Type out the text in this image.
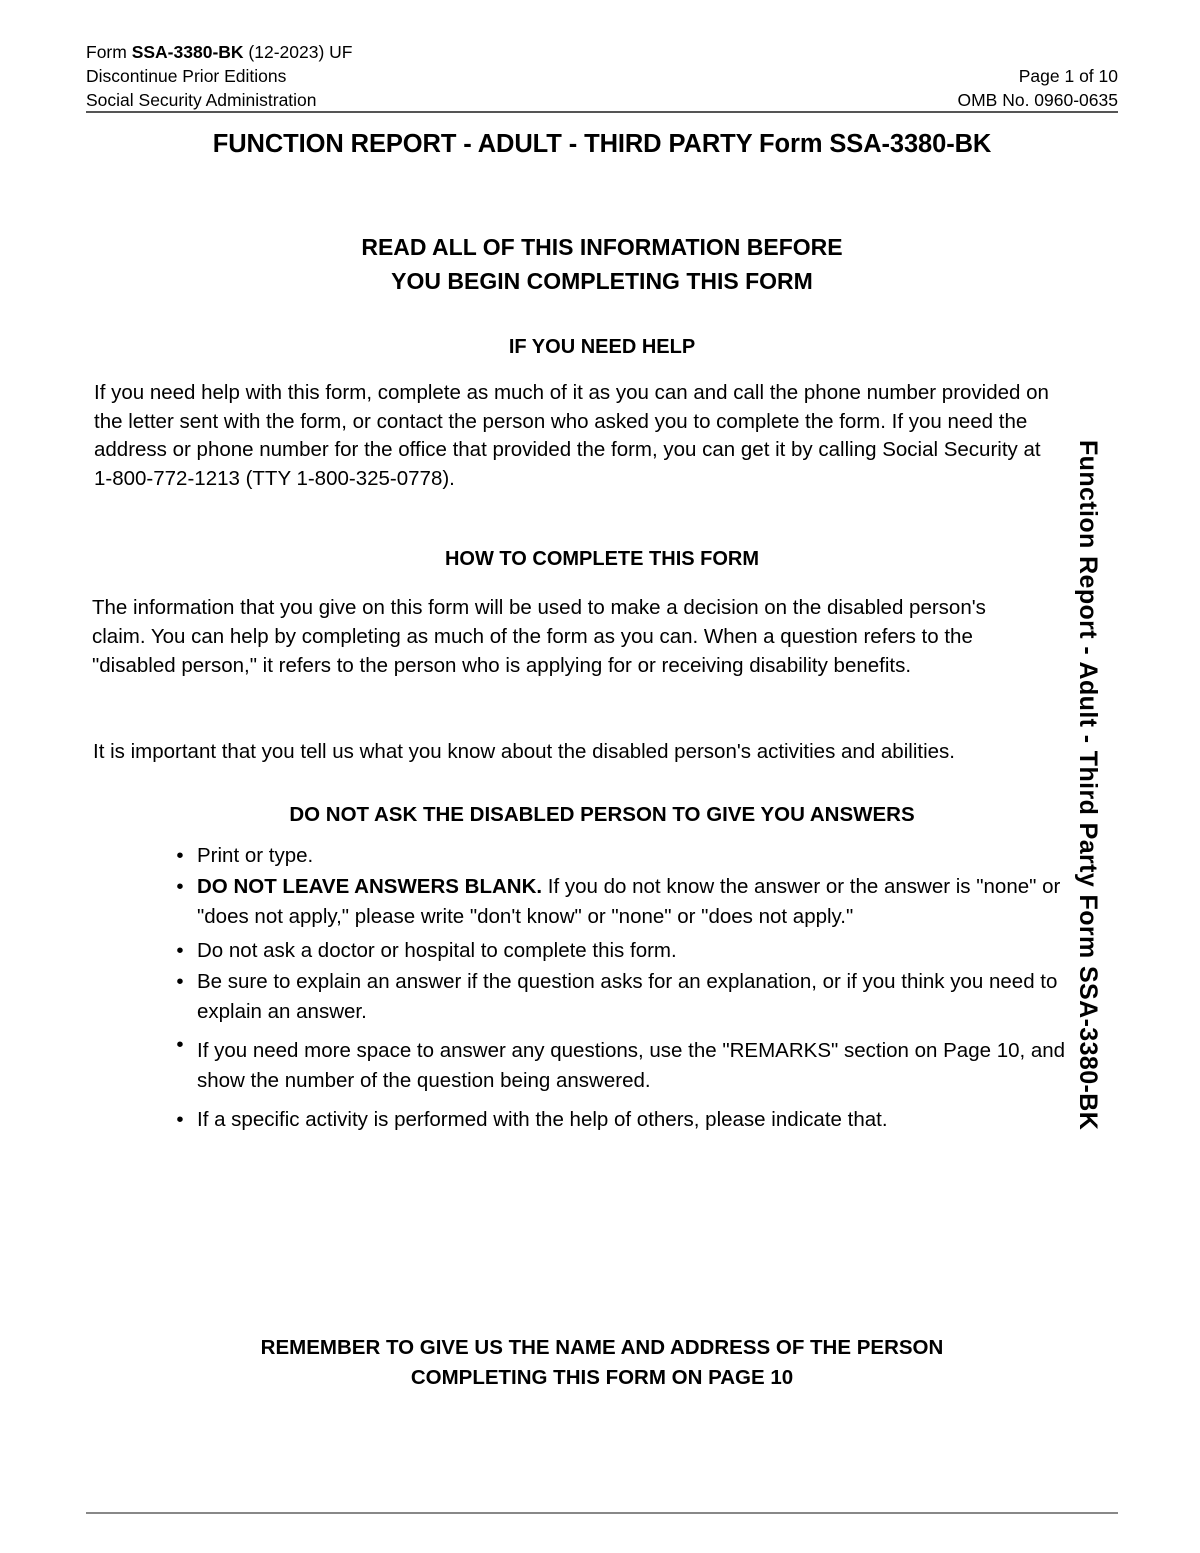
Form SSA-3380-BK (12-2023) UF
Discontinue Prior Editions	Page 1 of 10
Social Security Administration	OMB No. 0960-0635
FUNCTION REPORT - ADULT - THIRD PARTY Form SSA-3380-BK
READ ALL OF THIS INFORMATION BEFORE
YOU BEGIN COMPLETING THIS FORM
IF YOU NEED HELP
If you need help with this form, complete as much of it as you can and call the phone number provided on the letter sent with the form, or contact the person who asked you to complete the form. If you need the address or phone number for the office that provided the form, you can get it by calling Social Security at 1-800-772-1213 (TTY 1-800-325-0778).
HOW TO COMPLETE THIS FORM
The information that you give on this form will be used to make a decision on the disabled person's claim. You can help by completing as much of the form as you can. When a question refers to the "disabled person," it refers to the person who is applying for or receiving disability benefits.
It is important that you tell us what you know about the disabled person's activities and abilities.
DO NOT ASK THE DISABLED PERSON TO GIVE YOU ANSWERS
• Print or type.
• DO NOT LEAVE ANSWERS BLANK. If you do not know the answer or the answer is "none" or "does not apply," please write "don't know" or "none" or "does not apply."
• Do not ask a doctor or hospital to complete this form.
• Be sure to explain an answer if the question asks for an explanation, or if you think you need to explain an answer.
• If you need more space to answer any questions, use the "REMARKS" section on Page 10, and show the number of the question being answered.
• If a specific activity is performed with the help of others, please indicate that.
REMEMBER TO GIVE US THE NAME AND ADDRESS OF THE PERSON
COMPLETING THIS FORM ON PAGE 10
Function Report - Adult - Third Party Form SSA-3380-BK
